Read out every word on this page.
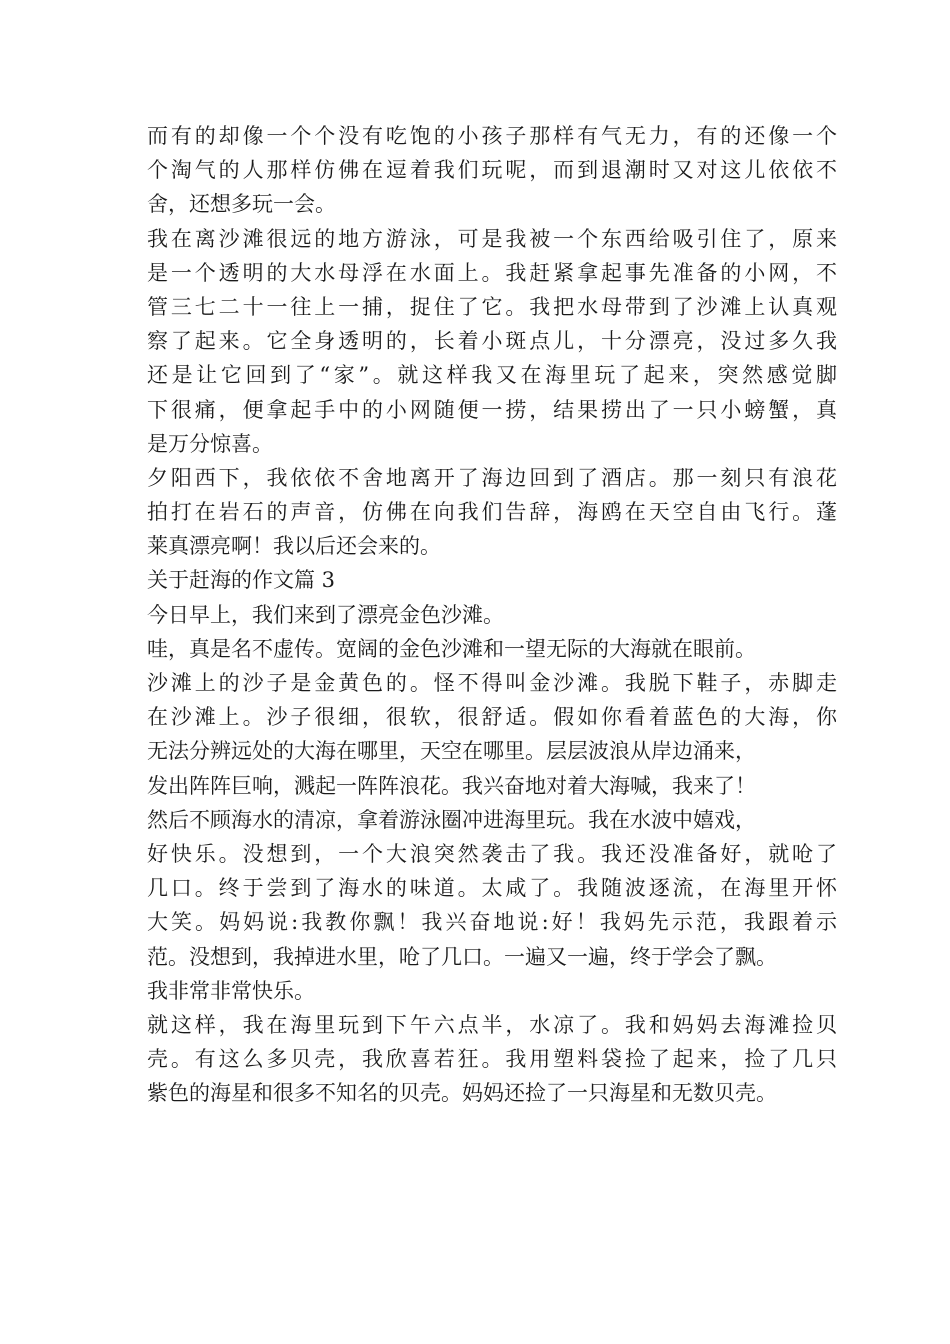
而有的却像一个个没有吃饱的小孩子那样有气无力，有的还像一个
个淘气的人那样仿佛在逗着我们玩呢，而到退潮时又对这儿依依不
舍，还想多玩一会。
我在离沙滩很远的地方游泳，可是我被一个东西给吸引住了，原来
是一个透明的大水母浮在水面上。我赶紧拿起事先准备的小网，不
管三七二十一往上一捕，捉住了它。我把水母带到了沙滩上认真观
察了起来。它全身透明的，长着小斑点儿，十分漂亮，没过多久我
还是让它回到了“家”。就这样我又在海里玩了起来，突然感觉脚
下很痛，便拿起手中的小网随便一捞，结果捞出了一只小螃蟹，真
是万分惊喜。
夕阳西下，我依依不舍地离开了海边回到了酒店。那一刻只有浪花
拍打在岩石的声音，仿佛在向我们告辞，海鸥在天空自由飞行。蓬
莱真漂亮啊！我以后还会来的。
关于赶海的作文篇 3
今日早上，我们来到了漂亮金色沙滩。
哇，真是名不虚传。宽阔的金色沙滩和一望无际的大海就在眼前。
沙滩上的沙子是金黄色的。怪不得叫金沙滩。我脱下鞋子，赤脚走
在沙滩上。沙子很细，很软，很舒适。假如你看着蓝色的大海，你
无法分辨远处的大海在哪里，天空在哪里。层层波浪从岸边涌来，
发出阵阵巨响，溅起一阵阵浪花。我兴奋地对着大海喊，我来了！
然后不顾海水的清凉，拿着游泳圈冲进海里玩。我在水波中嬉戏，
好快乐。没想到，一个大浪突然袭击了我。我还没准备好，就呛了
几口。终于尝到了海水的味道。太咸了。我随波逐流，在海里开怀
大笑。妈妈说:我教你飘！我兴奋地说:好！我妈先示范，我跟着示
范。没想到，我掉进水里，呛了几口。一遍又一遍，终于学会了飘。
我非常非常快乐。
就这样，我在海里玩到下午六点半，水凉了。我和妈妈去海滩捡贝
壳。有这么多贝壳，我欣喜若狂。我用塑料袋捡了起来，捡了几只
紫色的海星和很多不知名的贝壳。妈妈还捡了一只海星和无数贝壳。
